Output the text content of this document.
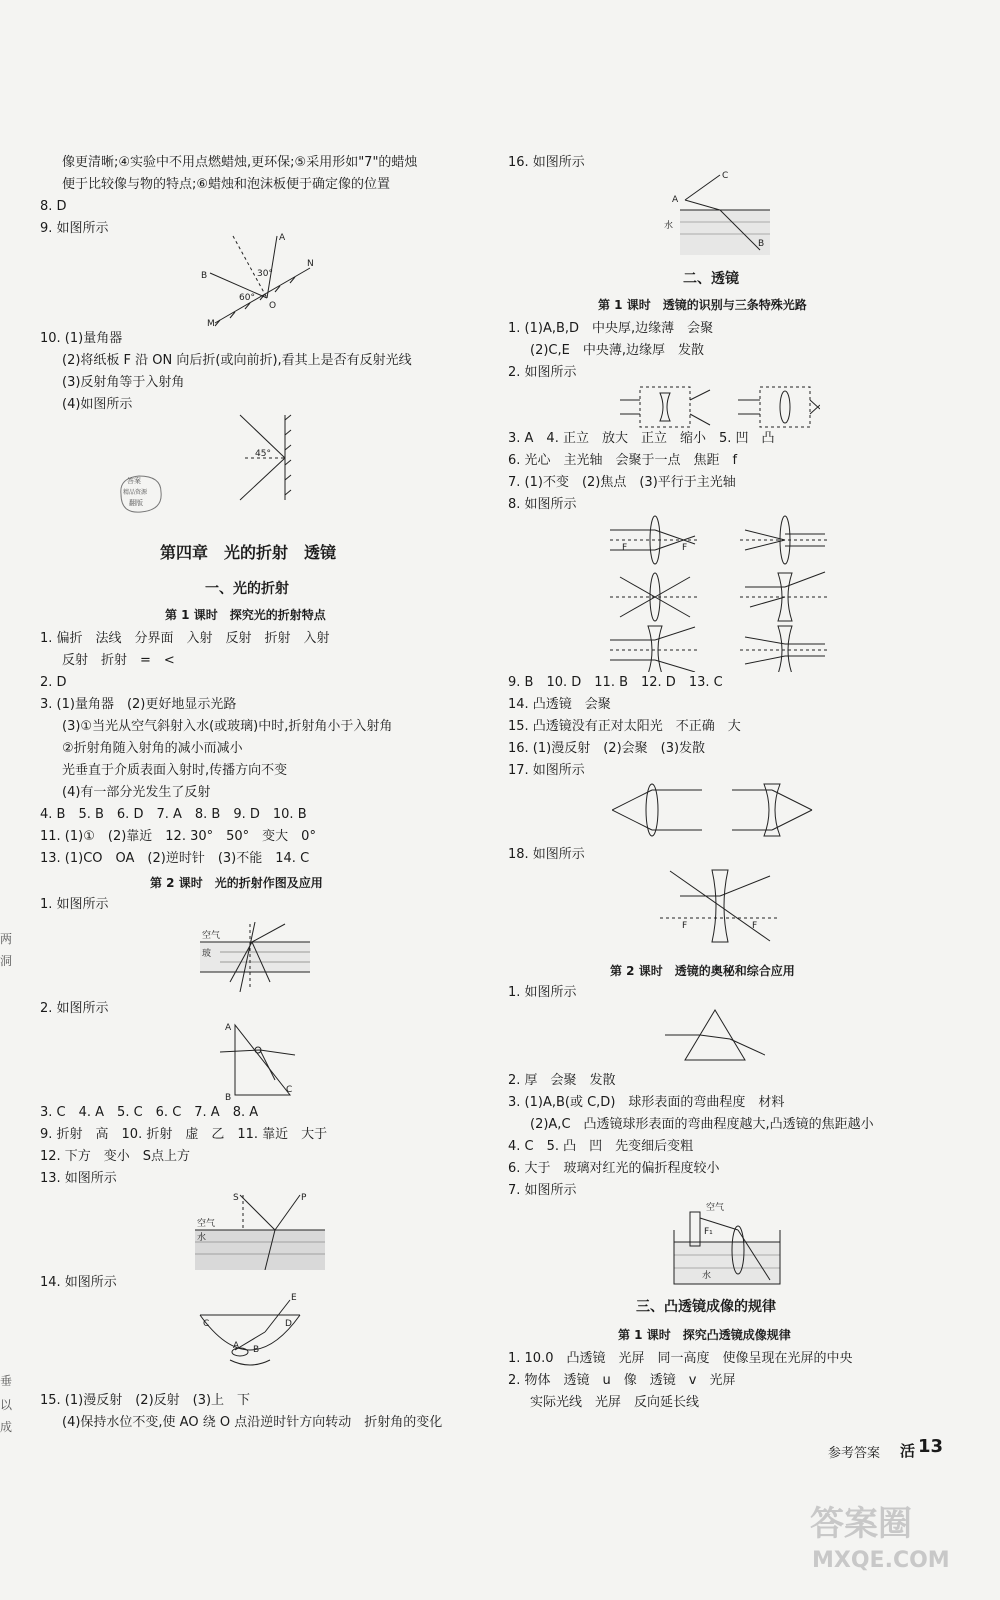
两
洞
垂
以
成
像更清晰;④实验中不用点燃蜡烛,更环保;⑤采用形如"7"的蜡烛
便于比较像与物的特点;⑥蜡烛和泡沫板便于确定像的位置
8. D
9. 如图所示
A
B
O
N
M
30°
60°
10. (1)量角器
(2)将纸板 F 沿 ON 向后折(或向前折),看其上是否有反射光线
(3)反射角等于入射角
(4)如图所示
45°
答案
精品资源
翻版
第四章　光的折射　透镜
一、光的折射
第 1 课时　探究光的折射特点
1. 偏折　法线　分界面　入射　反射　折射　入射
反射　折射　=　<
2. D
3. (1)量角器　(2)更好地显示光路
(3)①当光从空气斜射入水(或玻璃)中时,折射角小于入射角
②折射角随入射角的减小而减小
光垂直于介质表面入射时,传播方向不变
(4)有一部分光发生了反射
4. B　5. B　6. D　7. A　8. B　9. D　10. B
11. (1)①　(2)靠近　12. 30°　50°　变大　0°
13. (1)CO　OA　(2)逆时针　(3)不能　14. C
第 2 课时　光的折射作图及应用
1. 如图所示
空气
玻
2. 如图所示
A
B
C
3. C　4. A　5. C　6. C　7. A　8. A
9. 折射　高　10. 折射　虚　乙　11. 靠近　大于
12. 下方　变小　S点上方
13. 如图所示
S	P
空气
水
14. 如图所示
C	D
E
A B
15. (1)漫反射　(2)反射　(3)上　下
(4)保持水位不变,使 AO 绕 O 点沿逆时针方向转动　折射角的变化
16. 如图所示
C
A
B
水
二、透镜
第 1 课时　透镜的识别与三条特殊光路
1. (1)A,B,D　中央厚,边缘薄　会聚
(2)C,E　中央薄,边缘厚　发散
2. 如图所示
3. A　4. 正立　放大　正立　缩小　5. 凹　凸
6. 光心　主光轴　会聚于一点　焦距　f
7. (1)不变　(2)焦点　(3)平行于主光轴
8. 如图所示
F	F
9. B　10. D　11. B　12. D　13. C
14. 凸透镜　会聚
15. 凸透镜没有正对太阳光　不正确　大
16. (1)漫反射　(2)会聚　(3)发散
17. 如图所示
18. 如图所示
F	F
第 2 课时　透镜的奥秘和综合应用
1. 如图所示
2. 厚　会聚　发散
3. (1)A,B(或 C,D)　球形表面的弯曲程度　材料
(2)A,C　凸透镜球形表面的弯曲程度越大,凸透镜的焦距越小
4. C　5. 凸　凹　先变细后变粗
6. 大于　玻璃对红光的偏折程度较小
7. 如图所示
空气
F₁
水
三、凸透镜成像的规律
第 1 课时　探究凸透镜成像规律
1. 10.0　凸透镜　光屏　同一高度　使像呈现在光屏的中央
2. 物体　透镜　u　像　透镜　v　光屏
实际光线　光屏　反向延长线
参考答案 活 13
答案圈
MXQE.COM
